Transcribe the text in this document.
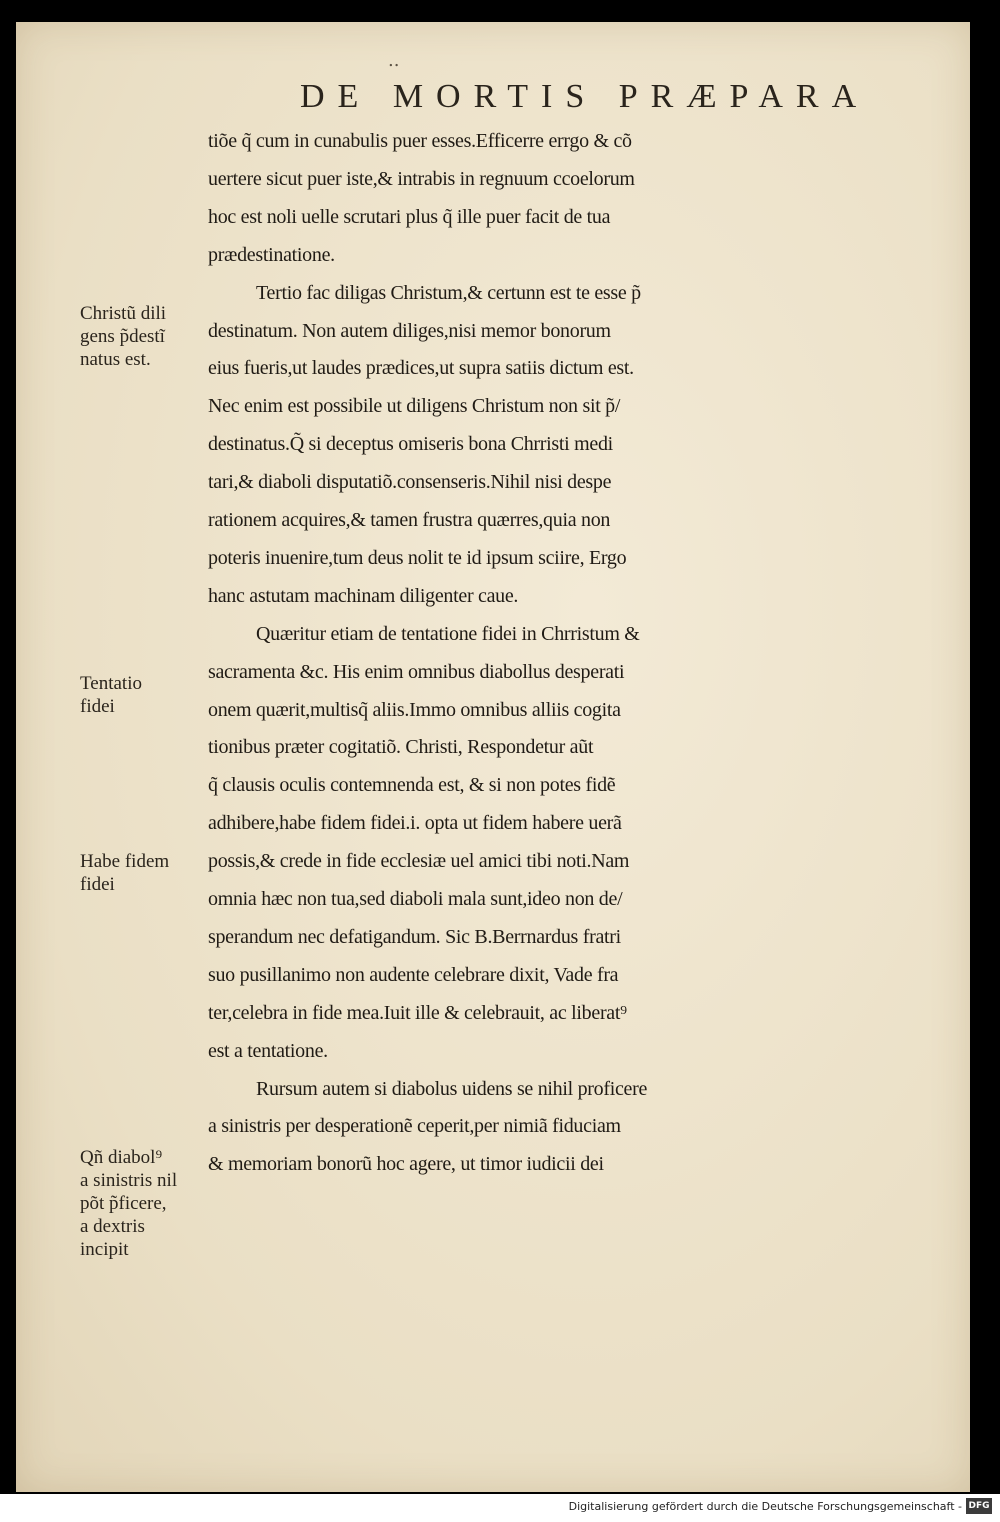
..
DE MORTIS PRÆPARA
tiõe q̃ cum in cunabulis puer esses.Efficerre errgo & cõ
uertere sicut puer iste,& intrabis in regnuum ccoelorum
hoc est noli uelle scrutari plus q̃ ille puer facit de tua
prædestinatione.
Tertio fac diligas Christum,& certunn est te esse p̃
destinatum. Non autem diliges,nisi memor bonorum
eius fueris,ut laudes prædices,ut supra satiis dictum est.
Nec enim est possibile ut diligens Christum non sit p̃/
destinatus.Q̃ si deceptus omiseris bona Chrristi medi
tari,& diaboli disputatiõ.consenseris.Nihil nisi despe
rationem acquires,& tamen frustra quærres,quia non
poteris inuenire,tum deus nolit te id ipsum sciire, Ergo
hanc astutam machinam diligenter caue.
Quæritur etiam de tentatione fidei in Chrristum &
sacramenta &c. His enim omnibus diabollus desperati
onem quærit,multisq̃ aliis.Immo omnibus alliis cogita
tionibus præter cogitatiõ. Christi, Respondetur aũt
q̃ clausis oculis contemnenda est, & si non potes fidẽ
adhibere,habe fidem fidei.i. opta ut fidem habere uerã
possis,& crede in fide ecclesiæ uel amici tibi noti.Nam
omnia hæc non tua,sed diaboli mala sunt,ideo non de/
sperandum nec defatigandum. Sic B.Berrnardus fratri
suo pusillanimo non audente celebrare dixit, Vade fra
ter,celebra in fide mea.Iuit ille & celebrauit, ac liberat⁹
est a tentatione.
Rursum autem si diabolus uidens se nihil proficere
a sinistris per desperationẽ ceperit,per nimiã fiduciam
& memoriam bonorũ hoc agere, ut timor iudicii dei
Christũ dili
gens p̃destĩ
natus est.
Tentatio
fidei
Habe fidem
fidei
Qñ diabol⁹
a sinistris nil
põt p̃ficere,
a dextris
incipit
Digitalisierung gefördert durch die Deutsche Forschungsgemeinschaft - DFG
